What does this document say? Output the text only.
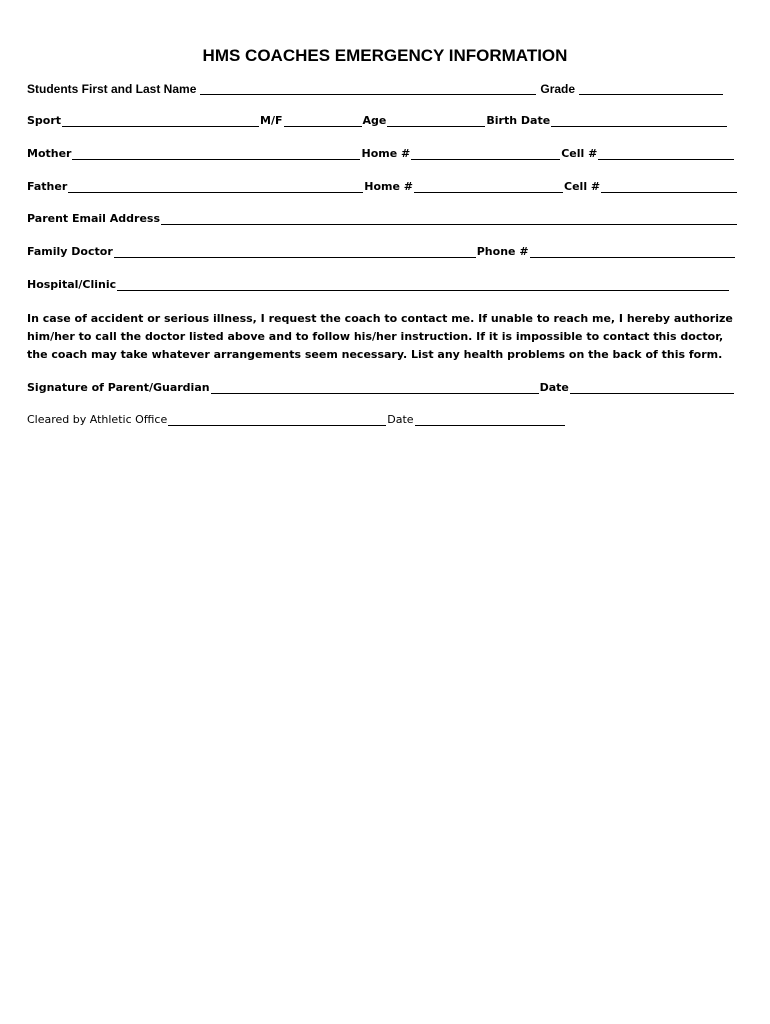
HMS COACHES EMERGENCY INFORMATION
Students First and Last Name	Grade
Sport	M/F	Age	Birth Date
Mother	Home #	Cell #
Father	Home #	Cell #
Parent Email Address
Family Doctor	Phone #
Hospital/Clinic
In case of accident or serious illness, I request the coach to contact me. If unable to reach me, I hereby authorize him/her to call the doctor listed above and to follow his/her instruction. If it is impossible to contact this doctor, the coach may take whatever arrangements seem necessary. List any health problems on the back of this form.
Signature of Parent/Guardian	Date
Cleared by Athletic Office	Date
